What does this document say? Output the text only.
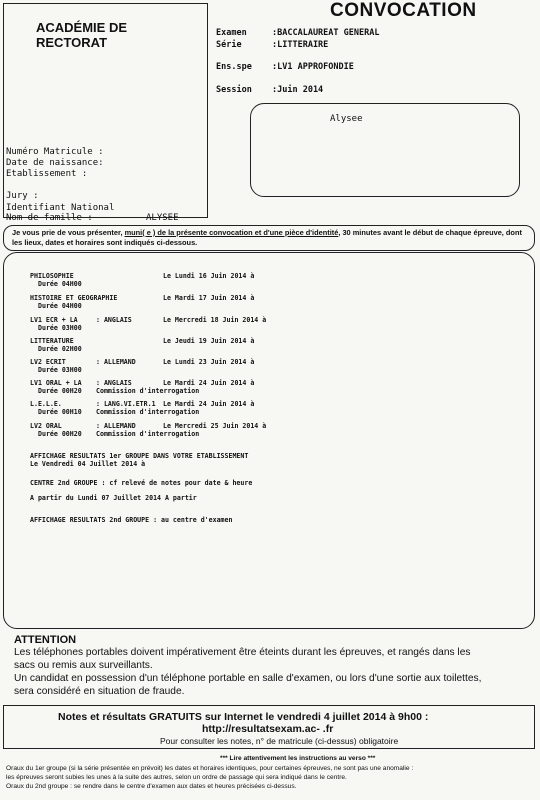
ACADÉMIE DE RECTORAT
CONVOCATION
Examen	:BACCALAUREAT GENERAL
Série	:LITTERAIRE
Ens.spe	:LV1 APPROFONDIE
Session	:Juin 2014
Alysee
Numéro Matricule :
Date de naissance:
Etablissement :
Jury :
Identifiant National
Nom de famille :	ALYSEE
Je vous prie de vous présenter, muni( e ) de la présente convocation et d'une pièce d'identité, 30 minutes avant le début de chaque épreuve, dont les lieux, dates et horaires sont indiqués ci-dessous.
PHILOSOPHIE	Le Lundi 16 Juin 2014 à
Durée 04H00
HISTOIRE ET GEOGRAPHIE	Le Mardi 17 Juin 2014 à
Durée 04H00
LV1 ECR + LA	: ANGLAIS	Le Mercredi 18 Juin 2014 à
Durée 03H00
LITTERATURE	Le Jeudi 19 Juin 2014 à
Durée 02H00
LV2 ECRIT	: ALLEMAND	Le Lundi 23 Juin 2014 à
Durée 03H00
LV1 ORAL + LA : ANGLAIS	Le Mardi 24 Juin 2014 à
Durée 00H20 Commission d'interrogation
L.E.L.E.	: LANG.VI.ETR.1 Le Mardi 24 Juin 2014 à
Durée 00H10 Commission d'interrogation
LV2 ORAL	: ALLEMAND	Le Mercredi 25 Juin 2014 à
Durée 00H20 Commission d'interrogation
AFFICHAGE RESULTATS 1er GROUPE DANS VOTRE ETABLISSEMENT
Le Vendredi 04 Juillet 2014 à
CENTRE 2nd GROUPE : cf relevé de notes pour date & heure
A partir du Lundi 07 Juillet 2014 A partir
AFFICHAGE RESULTATS 2nd GROUPE : au centre d'examen
ATTENTION
Les téléphones portables doivent impérativement être éteints durant les épreuves, et rangés dans les
sacs ou remis aux surveillants.
Un candidat en possession d'un téléphone portable en salle d'examen, ou lors d'une sortie aux toilettes,
sera considéré en situation de fraude.
Notes et résultats GRATUITS sur Internet le vendredi 4 juillet 2014 à 9h00 :
http://resultatsexam.ac- .fr
Pour consulter les notes, n° de matricule (ci-dessus) obligatoire
*** Lire attentivement les instructions au verso ***
Oraux du 1er groupe (si la série présentée en prévoit) les dates et horaires identiques, pour certaines épreuves, ne sont pas une anomalie :
les épreuves seront subies les unes à la suite des autres, selon un ordre de passage qui sera indiqué dans le centre.
Oraux du 2nd groupe : se rendre dans le centre d'examen aux dates et heures précisées ci-dessus.
